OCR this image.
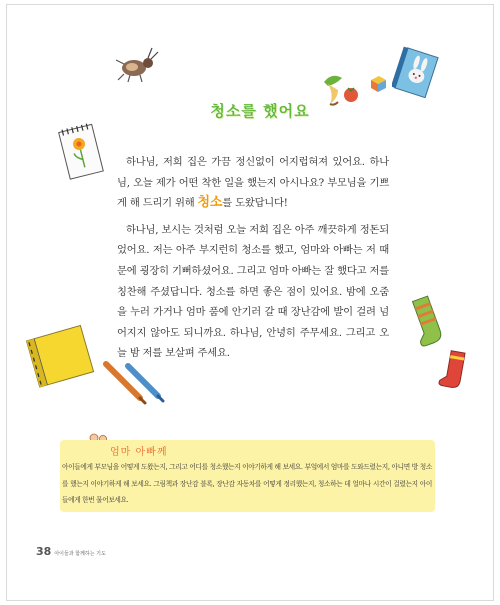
청소를 했어요

하나님, 저희 집은 가끔 정신없이 어지럽혀져 있어요. 하나님, 오늘 제가 어떤 착한 일을 했는지 아시나요? 부모님을 기쁘게 해 드리기 위해 청소를 도왔답니다!

하나님, 보시는 것처럼 오늘 저희 집은 아주 깨끗하게 정돈되었어요. 저는 아주 부지런히 청소를 했고, 엄마와 아빠는 저 때문에 굉장히 기뻐하셨어요. 그리고 엄마 아빠는 잘 했다고 저를 칭찬해 주셨답니다. 청소를 하면 좋은 점이 있어요. 밤에 오줌을 누러 가거나 엄마 품에 안기러 갈 때 장난감에 발이 걸려 넘어지지 않아도 되니까요. 하나님, 안녕히 주무세요. 그리고 오늘 밤 저를 보살펴 주세요.

엄마 아빠께
아이들에게 부모님을 어떻게 도왔는지, 그리고 어디를 청소했는지 이야기하게 해 보세요. 부엌에서 엄마를 도와드렸는지, 아니면 방 청소를 했는지 이야기하게 해 보세요. 그림책과 장난감 블록, 장난감 자동차를 어떻게 정리했는지, 청소하는 데 얼마나 시간이 걸렸는지 아이들에게 한번 물어보세요.
38 아이들과 함께하는 기도
